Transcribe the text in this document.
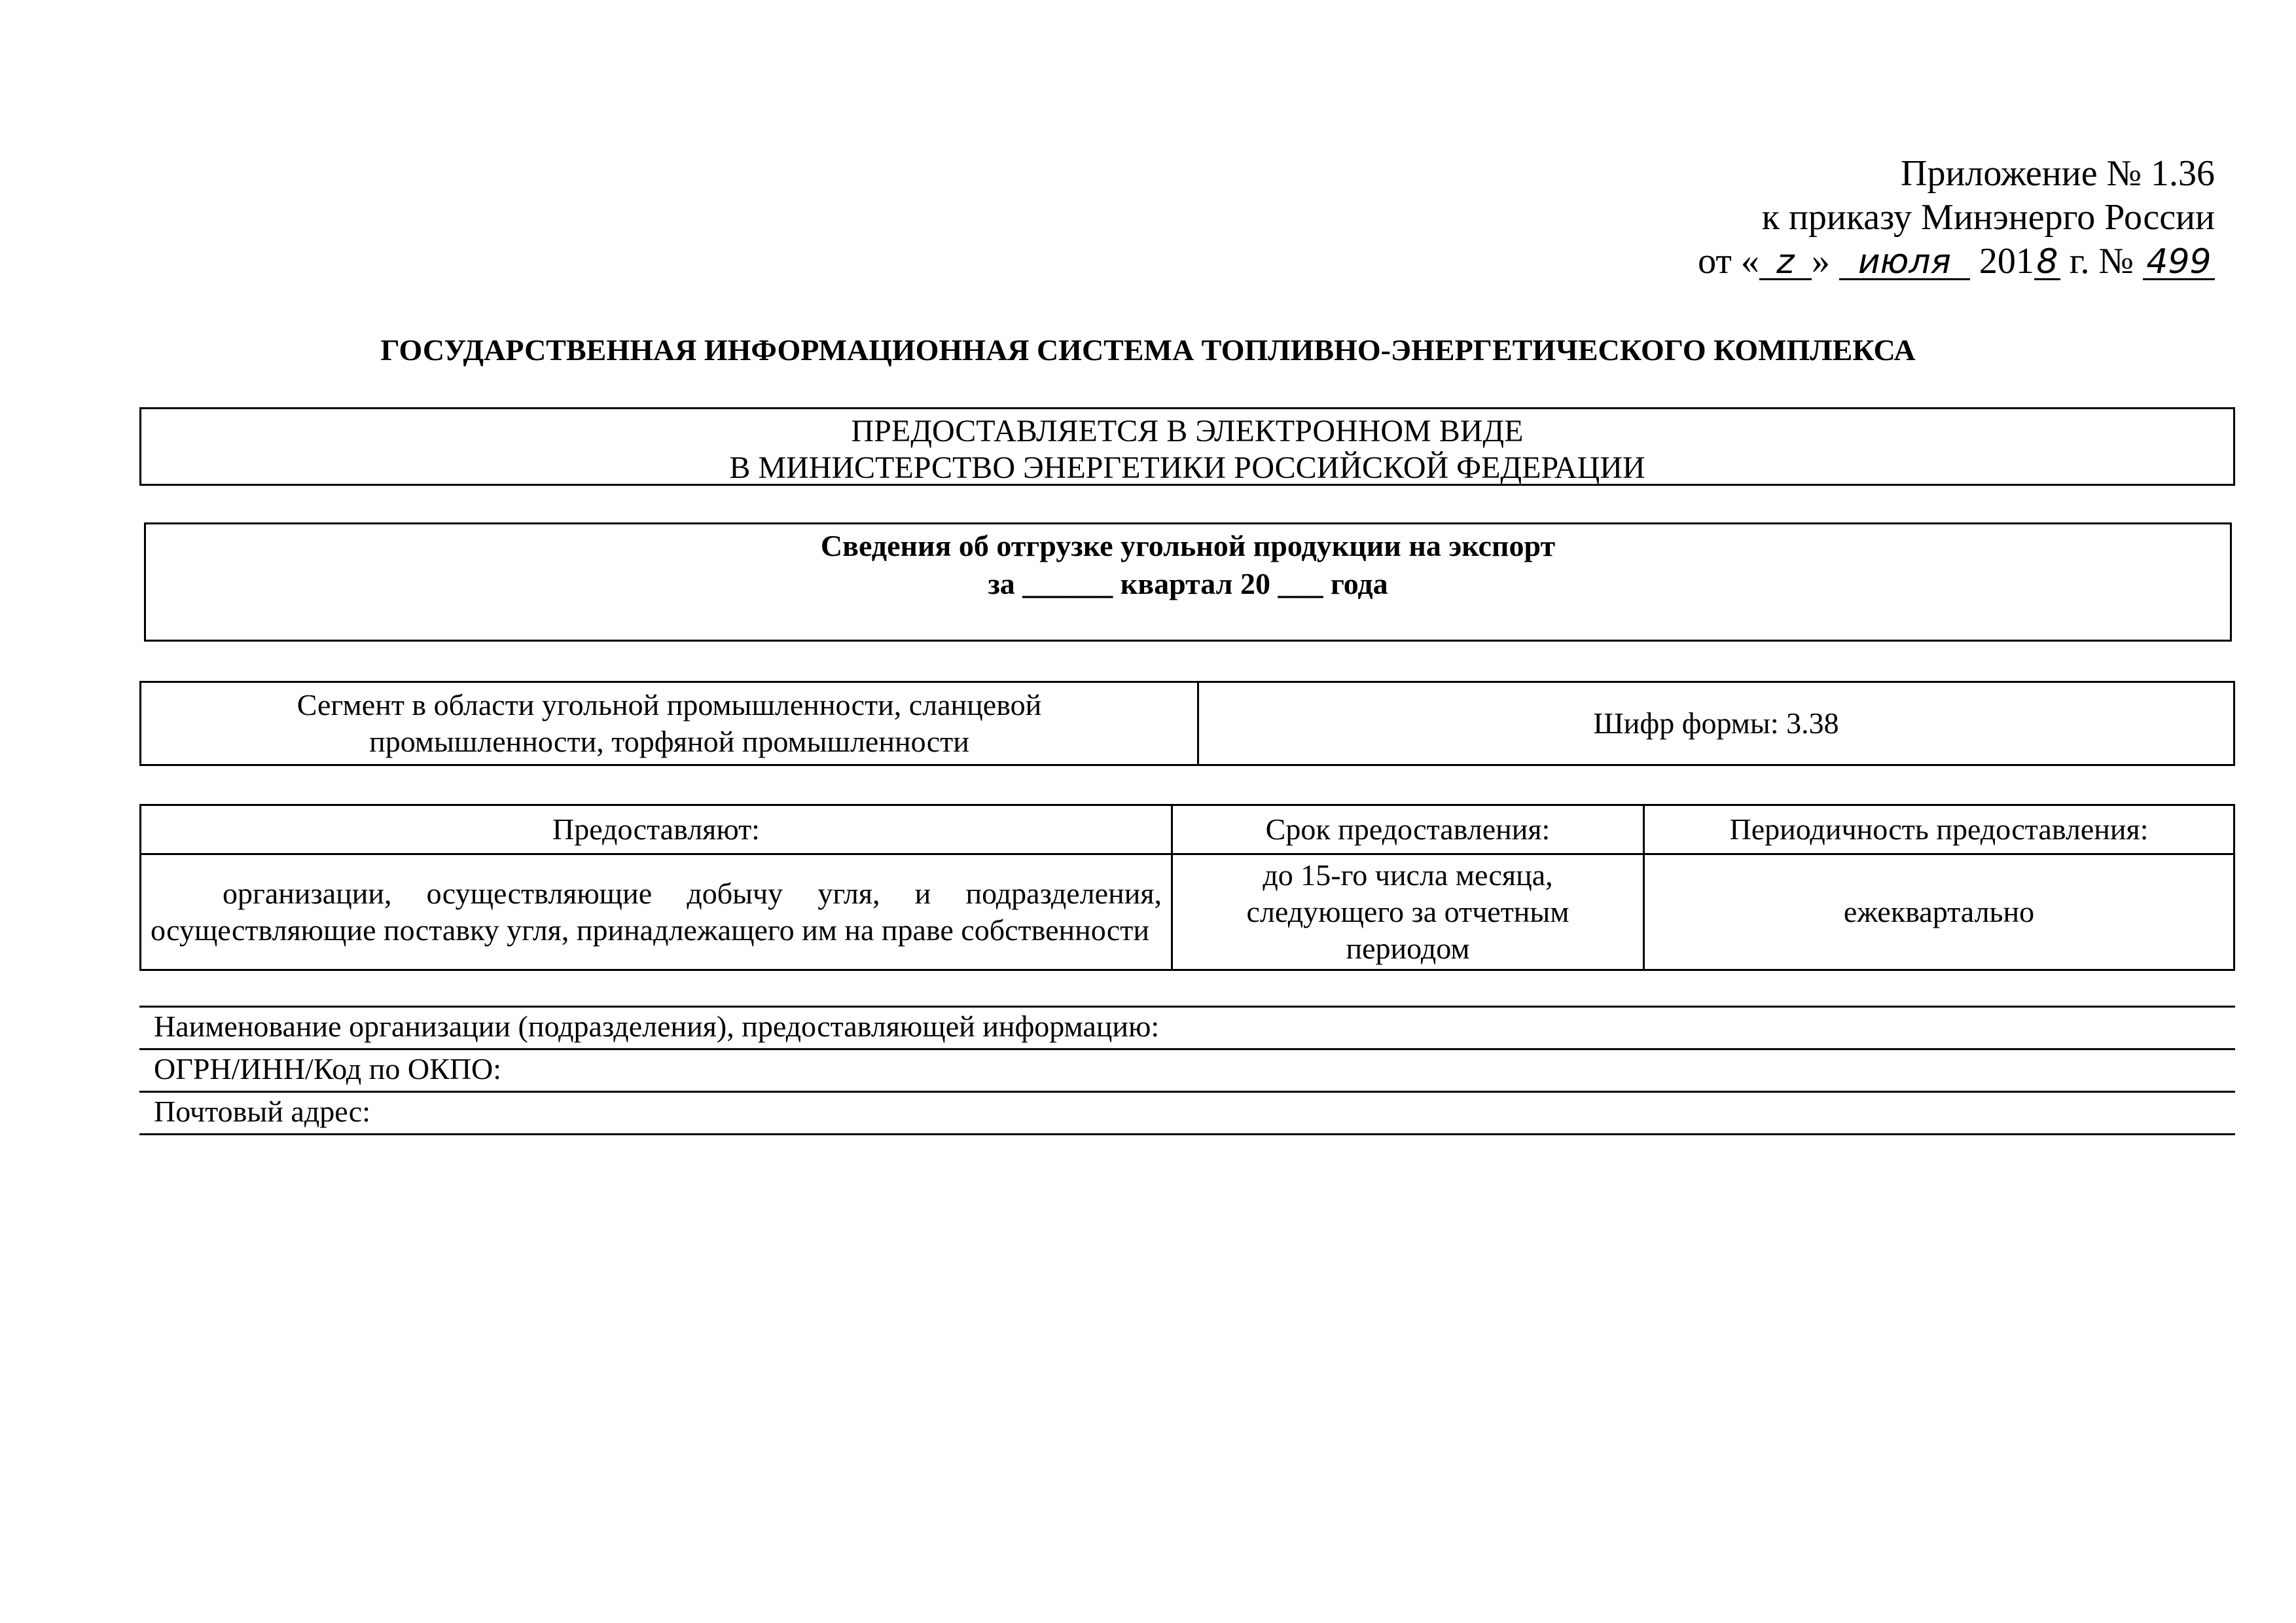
Приложение № 1.36
к приказу Минэнерго России
от « z » июля 2018 г. № 499
ГОСУДАРСТВЕННАЯ ИНФОРМАЦИОННАЯ СИСТЕМА ТОПЛИВНО-ЭНЕРГЕТИЧЕСКОГО КОМПЛЕКСА
ПРЕДОСТАВЛЯЕТСЯ В ЭЛЕКТРОННОМ ВИДЕ
В МИНИСТЕРСТВО ЭНЕРГЕТИКИ РОССИЙСКОЙ ФЕДЕРАЦИИ
Сведения об отгрузке угольной продукции на экспорт
за ______ квартал 20 ___ года
Сегмент в области угольной промышленности, сланцевой
промышленности, торфяной промышленности
	Шифр формы: 3.38
Предоставляют:	Срок предоставления:	Периодичность предоставления:
организации, осуществляющие добычу угля, и подразделения, осуществляющие поставку угля, принадлежащего им на праве собственности	до 15-го числа месяца,
следующего за отчетным
периодом	ежеквартально
Наименование организации (подразделения), предоставляющей информацию:
ОГРН/ИНН/Код по ОКПО:
Почтовый адрес:
